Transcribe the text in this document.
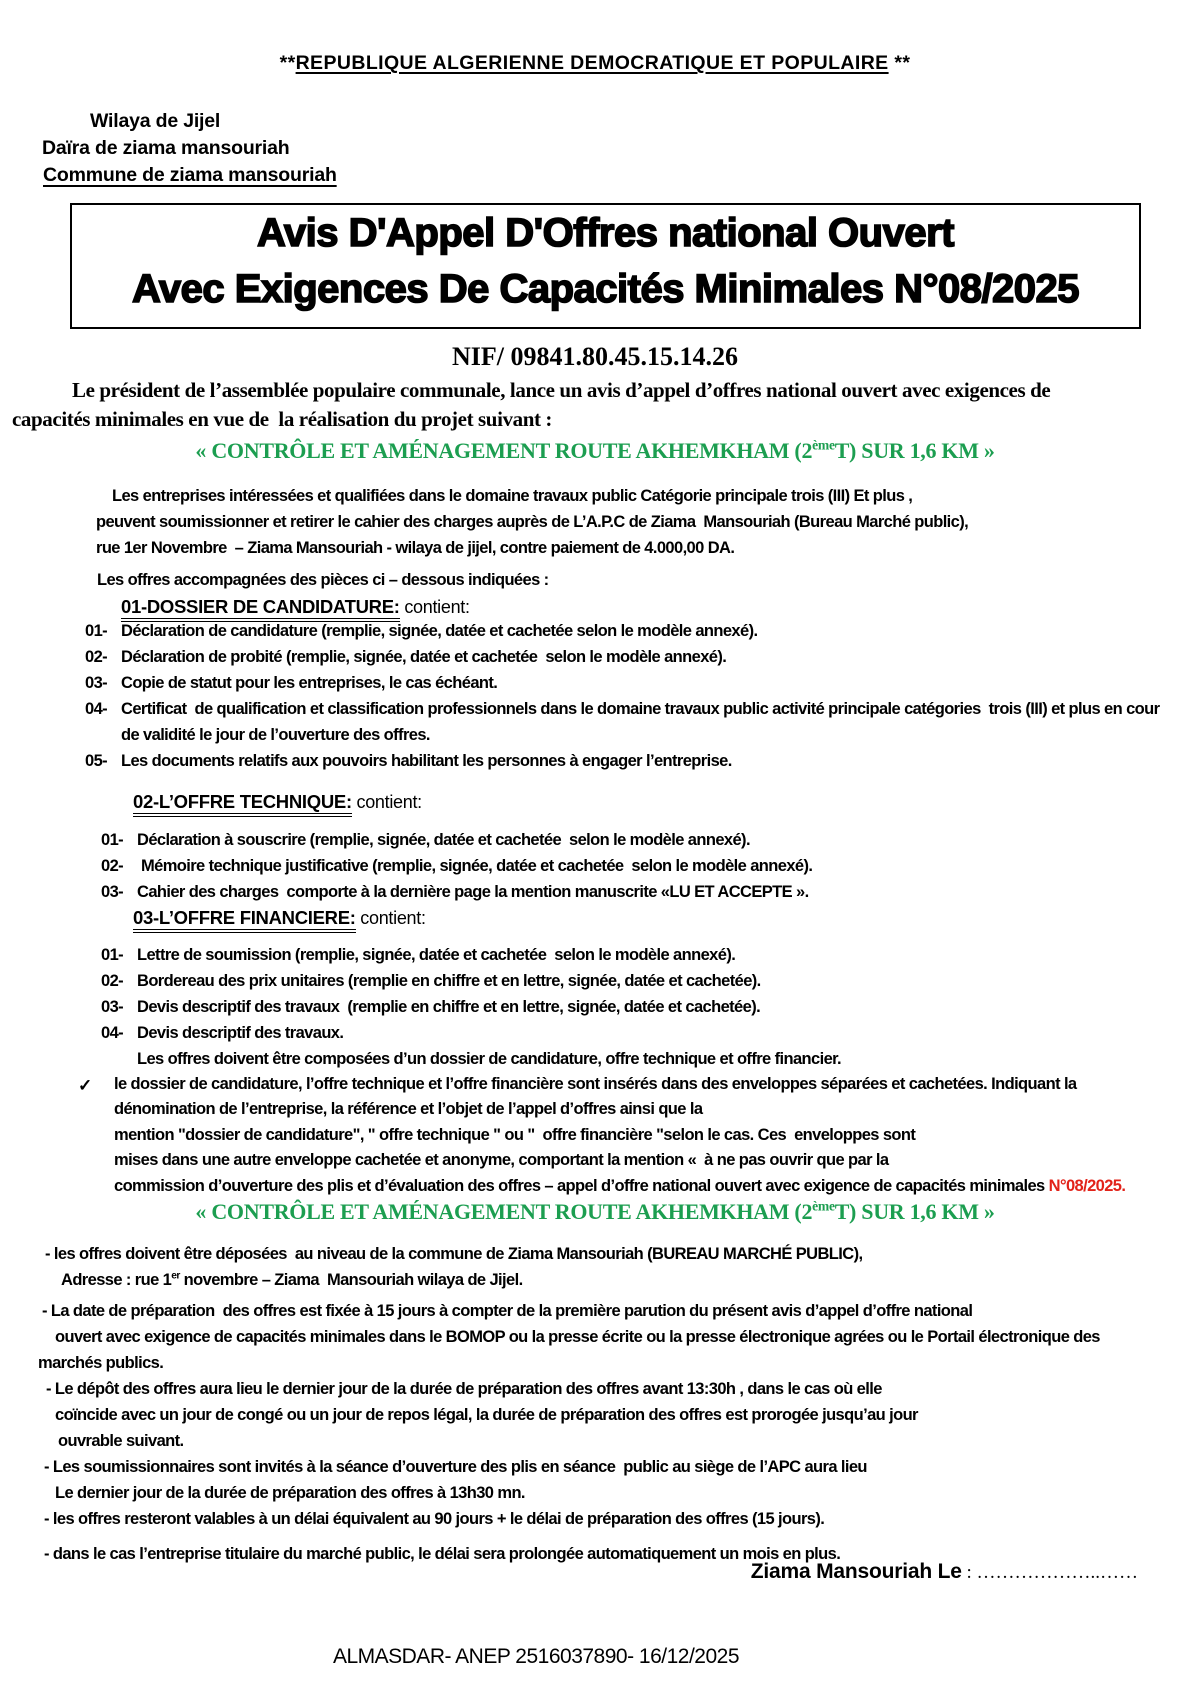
**REPUBLIQUE ALGERIENNE DEMOCRATIQUE ET POPULAIRE **
Wilaya de Jijel
Daïra de ziama mansouriah
Commune de ziama mansouriah
Avis D'Appel D'Offres national Ouvert
Avec Exigences De Capacités Minimales N°08/2025
NIF/ 09841.80.45.15.14.26
Le président de l’assemblée populaire communale, lance un avis d’appel d’offres national ouvert avec exigences de
capacités minimales en vue de  la réalisation du projet suivant :
« CONTRÔLE ET AMÉNAGEMENT ROUTE AKHEMKHAM (2èmeT) SUR 1,6 KM »
Les entreprises intéressées et qualifiées dans le domaine travaux public Catégorie principale trois (III) Et plus ,
peuvent soumissionner et retirer le cahier des charges auprès de L’A.P.C de Ziama  Mansouriah (Bureau Marché public),
rue 1er Novembre  – Ziama Mansouriah - wilaya de jijel, contre paiement de 4.000,00 DA.
Les offres accompagnées des pièces ci – dessous indiquées :
01-DOSSIER DE CANDIDATURE: contient:
01- Déclaration de candidature (remplie, signée, datée et cachetée selon le modèle annexé).
02- Déclaration de probité (remplie, signée, datée et cachetée  selon le modèle annexé).
03- Copie de statut pour les entreprises, le cas échéant.
04- Certificat  de qualification et classification professionnels dans le domaine travaux public activité principale catégories  trois (III) et plus en cour de validité le jour de l’ouverture des offres.
05- Les documents relatifs aux pouvoirs habilitant les personnes à engager l’entreprise.
02-L’OFFRE TECHNIQUE: contient:
01- Déclaration à souscrire (remplie, signée, datée et cachetée  selon le modèle annexé).
02- Mémoire technique justificative (remplie, signée, datée et cachetée  selon le modèle annexé).
03- Cahier des charges  comporte à la dernière page la mention manuscrite «LU ET ACCEPTE ».
03-L’OFFRE FINANCIERE: contient:
01- Lettre de soumission (remplie, signée, datée et cachetée  selon le modèle annexé).
02- Bordereau des prix unitaires (remplie en chiffre et en lettre, signée, datée et cachetée).
03- Devis descriptif des travaux  (remplie en chiffre et en lettre, signée, datée et cachetée).
04- Devis descriptif des travaux.
Les offres doivent être composées d’un dossier de candidature, offre technique et offre financier.
✓ le dossier de candidature, l’offre technique et l’offre financière sont insérés dans des enveloppes séparées et cachetées. Indiquant la
dénomination de l’entreprise, la référence et l’objet de l’appel d’offres ainsi que la
mention "dossier de candidature", " offre technique " ou "  offre financière "selon le cas. Ces  enveloppes sont
mises dans une autre enveloppe cachetée et anonyme, comportant la mention «  à ne pas ouvrir que par la
commission d’ouverture des plis et d’évaluation des offres – appel d’offre national ouvert avec exigence de capacités minimales N°08/2025.
« CONTRÔLE ET AMÉNAGEMENT ROUTE AKHEMKHAM (2èmeT) SUR 1,6 KM »
- les offres doivent être déposées  au niveau de la commune de Ziama Mansouriah (BUREAU MARCHÉ PUBLIC),
Adresse : rue 1er novembre – Ziama  Mansouriah wilaya de Jijel.
- La date de préparation  des offres est fixée à 15 jours à compter de la première parution du présent avis d’appel d’offre national
ouvert avec exigence de capacités minimales dans le BOMOP ou la presse écrite ou la presse électronique agrées ou le Portail électronique des
marchés publics.
- Le dépôt des offres aura lieu le dernier jour de la durée de préparation des offres avant 13:30h , dans le cas où elle
coïncide avec un jour de congé ou un jour de repos légal, la durée de préparation des offres est prorogée jusqu’au jour
ouvrable suivant.
- Les soumissionnaires sont invités à la séance d’ouverture des plis en séance  public au siège de l’APC aura lieu
Le dernier jour de la durée de préparation des offres à 13h30 mn.
- les offres resteront valables à un délai équivalent au 90 jours + le délai de préparation des offres (15 jours).
- dans le cas l’entreprise titulaire du marché public, le délai sera prolongée automatiquement un mois en plus.
Ziama Mansouriah Le : ………………..……
ALMASDAR- ANEP 2516037890- 16/12/2025
